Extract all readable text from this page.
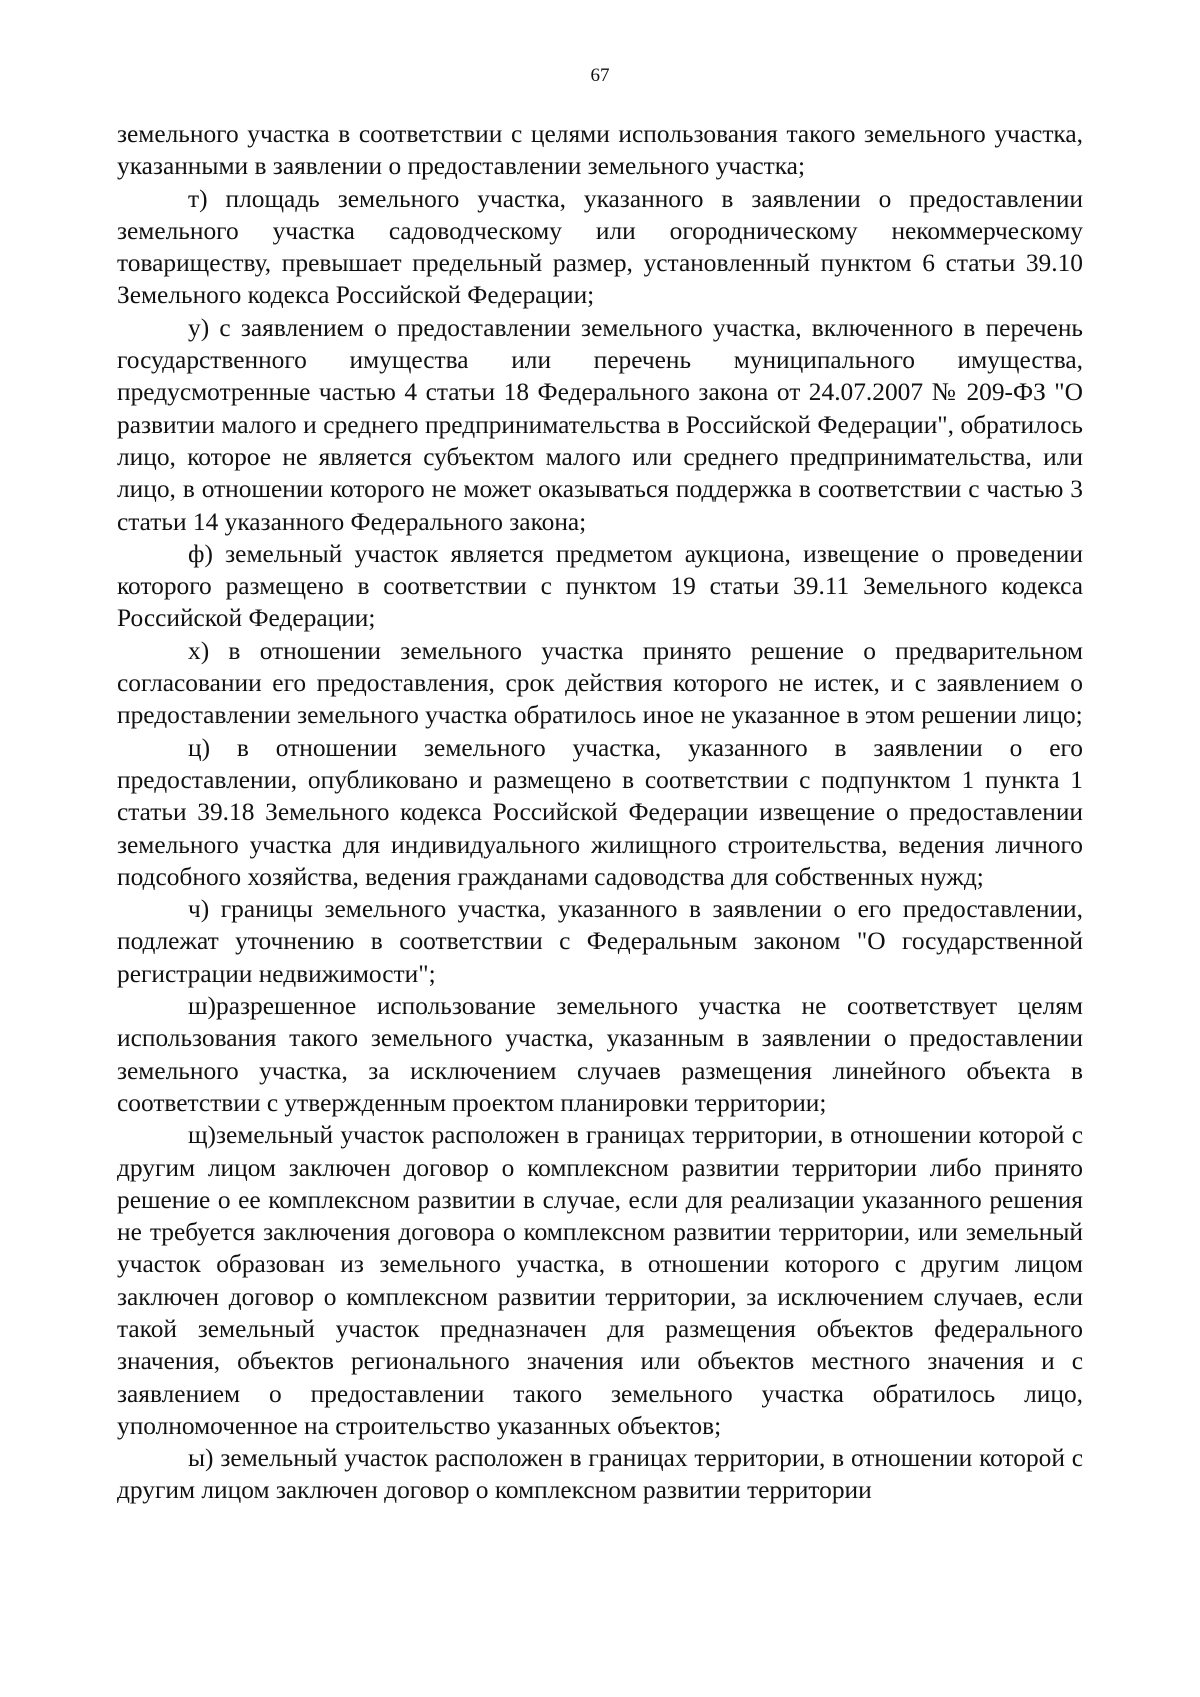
67

земельного участка в соответствии с целями использования такого земельного участка, указанными в заявлении о предоставлении земельного участка;

т) площадь земельного участка, указанного в заявлении о предоставлении земельного участка садоводческому или огородническому некоммерческому товариществу, превышает предельный размер, установленный пунктом 6 статьи 39.10 Земельного кодекса Российской Федерации;

у) с заявлением о предоставлении земельного участка, включенного в перечень государственного имущества или перечень муниципального имущества, предусмотренные частью 4 статьи 18 Федерального закона от 24.07.2007 № 209-ФЗ "О развитии малого и среднего предпринимательства в Российской Федерации", обратилось лицо, которое не является субъектом малого или среднего предпринимательства, или лицо, в отношении которого не может оказываться поддержка в соответствии с частью 3 статьи 14 указанного Федерального закона;

ф) земельный участок является предметом аукциона, извещение о проведении которого размещено в соответствии с пунктом 19 статьи 39.11 Земельного кодекса Российской Федерации;

х) в отношении земельного участка принято решение о предварительном согласовании его предоставления, срок действия которого не истек, и с заявлением о предоставлении земельного участка обратилось иное не указанное в этом решении лицо;

ц) в отношении земельного участка, указанного в заявлении о его предоставлении, опубликовано и размещено в соответствии с подпунктом 1 пункта 1 статьи 39.18 Земельного кодекса Российской Федерации извещение о предоставлении земельного участка для индивидуального жилищного строительства, ведения личного подсобного хозяйства, ведения гражданами садоводства для собственных нужд;

ч) границы земельного участка, указанного в заявлении о его предоставлении, подлежат уточнению в соответствии с Федеральным законом "О государственной регистрации недвижимости";

ш)разрешенное использование земельного участка не соответствует целям использования такого земельного участка, указанным в заявлении о предоставлении земельного участка, за исключением случаев размещения линейного объекта в соответствии с утвержденным проектом планировки территории;

щ)земельный участок расположен в границах территории, в отношении которой с другим лицом заключен договор о комплексном развитии территории либо принято решение о ее комплексном развитии в случае, если для реализации указанного решения не требуется заключения договора о комплексном развитии территории, или земельный участок образован из земельного участка, в отношении которого с другим лицом заключен договор о комплексном развитии территории, за исключением случаев, если такой земельный участок предназначен для размещения объектов федерального значения, объектов регионального значения или объектов местного значения и с заявлением о предоставлении такого земельного участка обратилось лицо, уполномоченное на строительство указанных объектов;

ы) земельный участок расположен в границах территории, в отношении которой с другим лицом заключен договор о комплексном развитии территории
